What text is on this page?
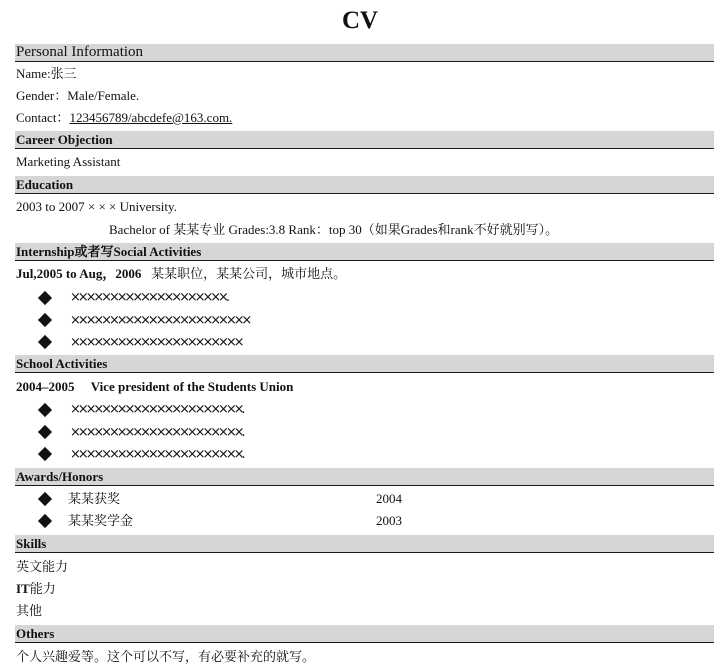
CV
Personal Information
Name:张三
Gender：Male/Female.
Contact：123456789/abcdefe@163.com.
Career Objection
Marketing Assistant
Education
2003 to 2007 × × × University.
Bachelor of 某某专业 Grades:3.8 Rank：top 30（如果Grades和rank不好就别写）。
Internship或者写Social Activities
Jul,2005 to Aug，2006 某某职位，某某公司，城市地点。
××××××××××××××××××××.
×××××××××××××××××××××××
××××××××××××××××××××××
School Activities
2004–2005 Vice president of the Students Union
××××××××××××××××××××××.
××××××××××××××××××××××.
××××××××××××××××××××××.
Awards/Honors
某某获奖	2004
某某奖学金	2003
Skills
英文能力
IT能力
其他
Others
个人兴趣爱等。这个可以不写，有必要补充的就写。
